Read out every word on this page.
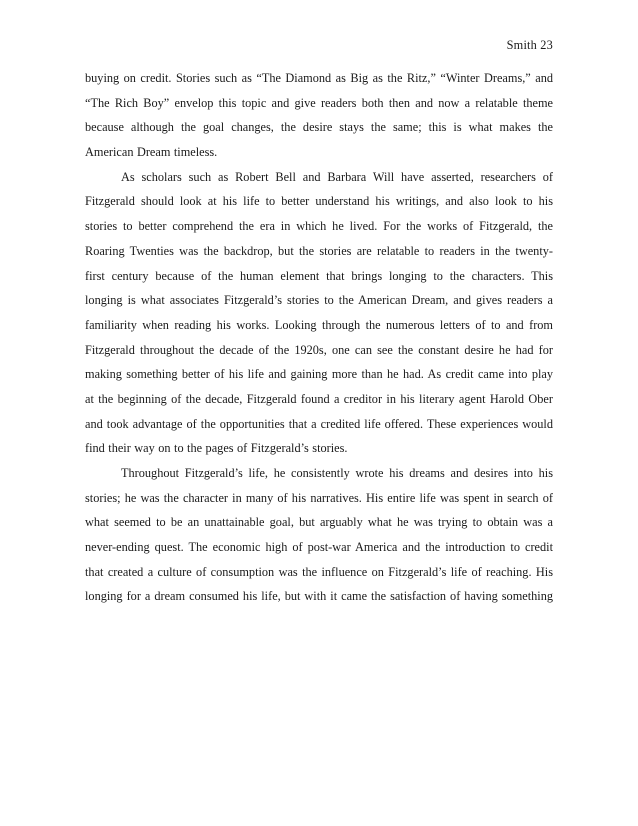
Smith 23
buying on credit. Stories such as “The Diamond as Big as the Ritz,” “Winter Dreams,” and
“The Rich Boy” envelop this topic and give readers both then and now a relatable theme
because although the goal changes, the desire stays the same; this is what makes the
American Dream timeless.
As scholars such as Robert Bell and Barbara Will have asserted, researchers of
Fitzgerald should look at his life to better understand his writings, and also look to his
stories to better comprehend the era in which he lived. For the works of Fitzgerald, the
Roaring Twenties was the backdrop, but the stories are relatable to readers in the twenty-
first century because of the human element that brings longing to the characters. This
longing is what associates Fitzgerald’s stories to the American Dream, and gives readers a
familiarity when reading his works. Looking through the numerous letters of to and from
Fitzgerald throughout the decade of the 1920s, one can see the constant desire he had for
making something better of his life and gaining more than he had. As credit came into play
at the beginning of the decade, Fitzgerald found a creditor in his literary agent Harold Ober
and took advantage of the opportunities that a credited life offered. These experiences would
find their way on to the pages of Fitzgerald’s stories.
Throughout Fitzgerald’s life, he consistently wrote his dreams and desires into his
stories; he was the character in many of his narratives. His entire life was spent in search of
what seemed to be an unattainable goal, but arguably what he was trying to obtain was a
never-ending quest. The economic high of post-war America and the introduction to credit
that created a culture of consumption was the influence on Fitzgerald’s life of reaching. His
longing for a dream consumed his life, but with it came the satisfaction of having something
